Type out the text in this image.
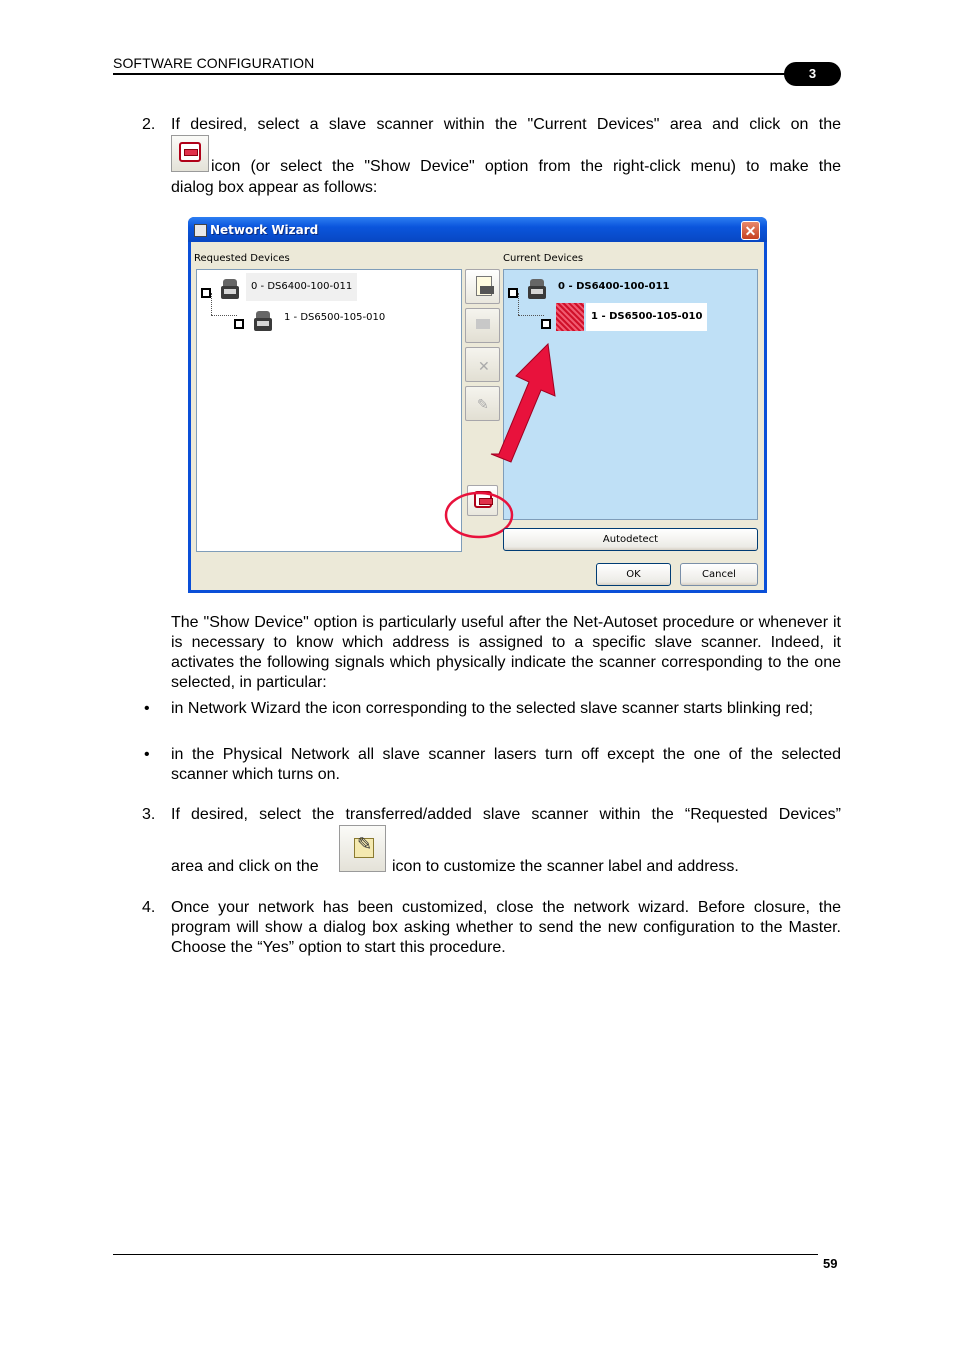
SOFTWARE CONFIGURATION
3
2. If desired, select a slave scanner within the "Current Devices" area and click on the
icon (or select the "Show Device" option from the right-click menu) to make the
dialog box appear as follows:
Network Wizard	✕
Requested Devices	Current Devices
0 - DS6400-100-011
1 - DS6500-105-010
✕
✎
0 - DS6400-100-011
1 - DS6500-105-010
Autodetect
OK	Cancel
The "Show Device" option is particularly useful after the Net-Autoset procedure or whenever it is necessary to know which address is assigned to a specific slave scanner. Indeed, it activates the following signals which physically indicate the scanner corresponding to the one selected, in particular:
• in Network Wizard the icon corresponding to the selected slave scanner starts blinking red;
• in the Physical Network all slave scanner lasers turn off except the one of the selected scanner which turns on.
3. If desired, select the transferred/added slave scanner within the “Requested Devices”
area and click on the
✎
icon to customize the scanner label and address.
4. Once your network has been customized, close the network wizard. Before closure, the program will show a dialog box asking whether to send the new configuration to the Master. Choose the “Yes” option to start this procedure.
59
